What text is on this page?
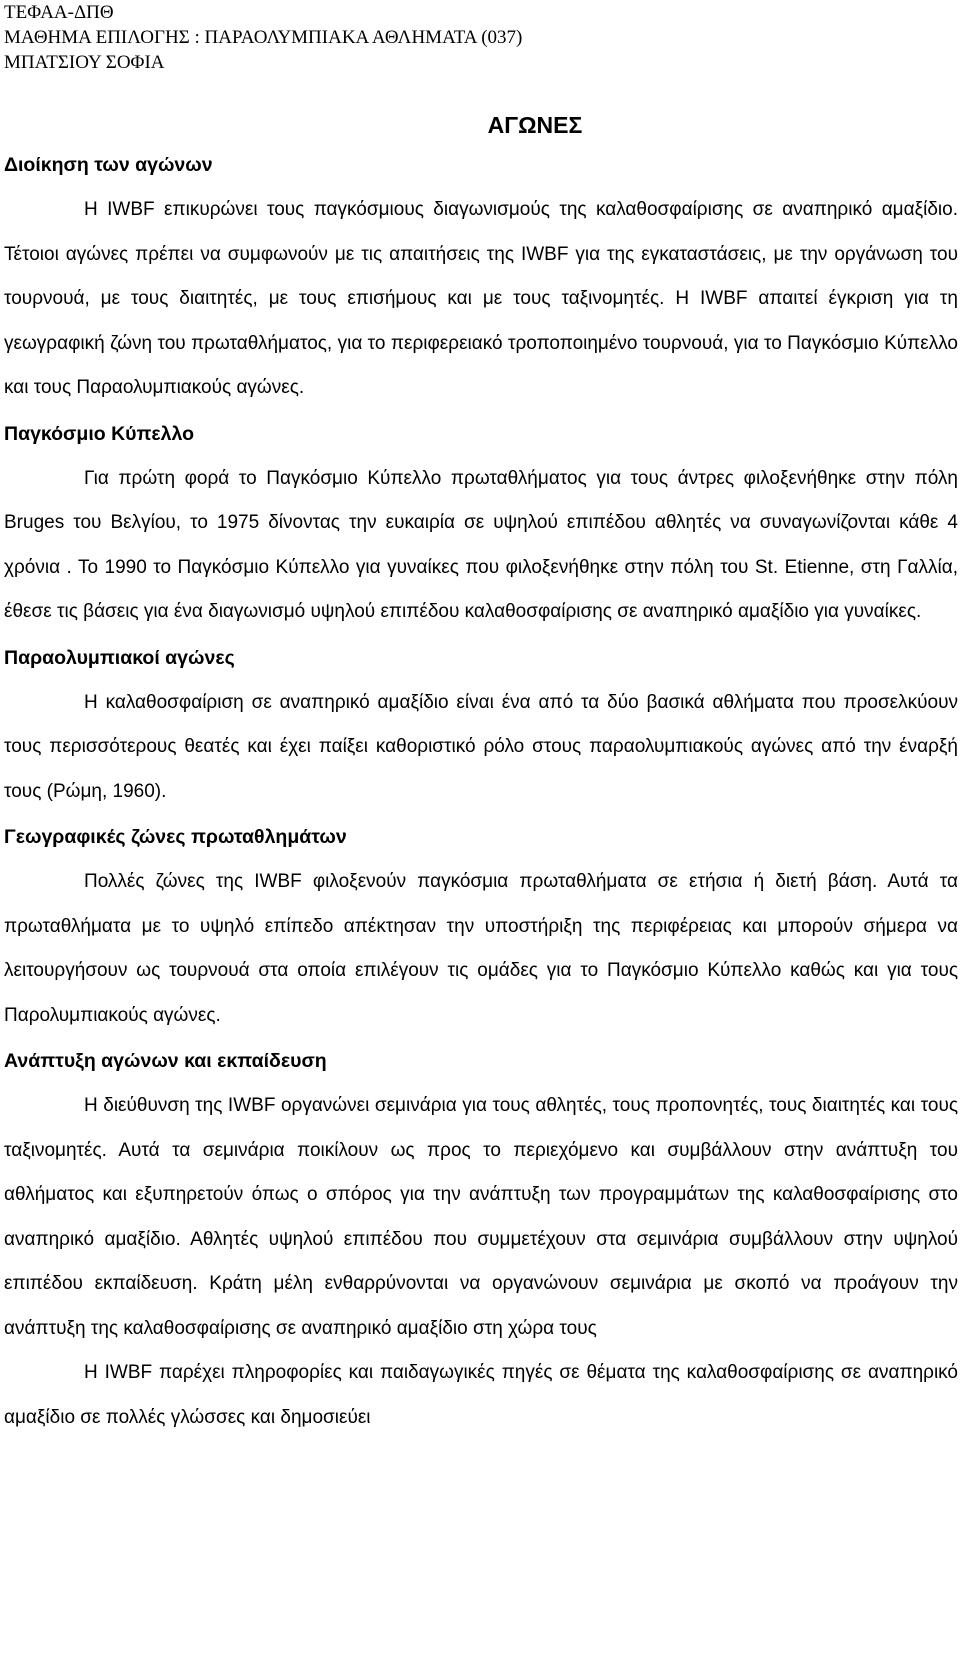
ΤΕΦΑΑ-ΔΠΘ
ΜΑΘΗΜΑ ΕΠΙΛΟΓΗΣ : ΠΑΡΑΟΛΥΜΠΙΑΚΑ ΑΘΛΗΜΑΤΑ (037)
ΜΠΑΤΣΙΟΥ ΣΟΦΙΑ
ΑΓΩΝΕΣ
Διοίκηση των αγώνων

Η IWBF επικυρώνει τους παγκόσμιους διαγωνισμούς της καλαθοσφαίρισης σε αναπηρικό αμαξίδιο. Τέτοιοι αγώνες πρέπει να συμφωνούν με τις απαιτήσεις της IWBF για της εγκαταστάσεις, με την οργάνωση του τουρνουά, με τους διαιτητές, με τους επισήμους και με τους ταξινομητές. Η IWBF απαιτεί έγκριση για τη γεωγραφική ζώνη του πρωταθλήματος, για το περιφερειακό τροποποιημένο τουρνουά, για το Παγκόσμιο Κύπελλο και τους Παραολυμπιακούς αγώνες.

Παγκόσμιο Κύπελλο

Για πρώτη φορά το Παγκόσμιο Κύπελλο πρωταθλήματος για τους άντρες φιλοξενήθηκε στην πόλη Bruges του Βελγίου, το 1975 δίνοντας την ευκαιρία σε υψηλού επιπέδου αθλητές να συναγωνίζονται κάθε 4 χρόνια . Το 1990 το Παγκόσμιο Κύπελλο για γυναίκες που φιλοξενήθηκε στην πόλη του St. Etienne, στη Γαλλία, έθεσε τις βάσεις για ένα διαγωνισμό υψηλού επιπέδου καλαθοσφαίρισης σε αναπηρικό αμαξίδιο για γυναίκες.

Παραολυμπιακοί αγώνες

Η καλαθοσφαίριση σε αναπηρικό αμαξίδιο είναι ένα από τα δύο βασικά αθλήματα που προσελκύουν τους περισσότερους θεατές και έχει παίξει καθοριστικό ρόλο στους παραολυμπιακούς αγώνες από την έναρξή τους (Ρώμη, 1960).

Γεωγραφικές ζώνες πρωταθλημάτων

Πολλές ζώνες της IWBF φιλοξενούν παγκόσμια πρωταθλήματα σε ετήσια ή διετή βάση. Αυτά τα πρωταθλήματα με το υψηλό επίπεδο απέκτησαν την υποστήριξη της περιφέρειας και μπορούν σήμερα να λειτουργήσουν ως τουρνουά στα οποία επιλέγουν τις ομάδες για το Παγκόσμιο Κύπελλο καθώς και για τους Παρολυμπιακούς αγώνες.

Ανάπτυξη αγώνων και εκπαίδευση

Η διεύθυνση της IWBF οργανώνει σεμινάρια για τους αθλητές, τους προπονητές, τους διαιτητές και τους ταξινομητές. Αυτά τα σεμινάρια ποικίλουν ως προς το περιεχόμενο και συμβάλλουν στην ανάπτυξη του αθλήματος και εξυπηρετούν όπως ο σπόρος για την ανάπτυξη των προγραμμάτων της καλαθοσφαίρισης στο αναπηρικό αμαξίδιο. Αθλητές υψηλού επιπέδου που συμμετέχουν στα σεμινάρια συμβάλλουν στην υψηλού επιπέδου εκπαίδευση. Κράτη μέλη ενθαρρύνονται να οργανώνουν σεμινάρια με σκοπό να προάγουν την ανάπτυξη της καλαθοσφαίρισης σε αναπηρικό αμαξίδιο στη χώρα τους

Η IWBF παρέχει πληροφορίες και παιδαγωγικές πηγές σε θέματα της καλαθοσφαίρισης σε αναπηρικό αμαξίδιο σε πολλές γλώσσες και δημοσιεύει
